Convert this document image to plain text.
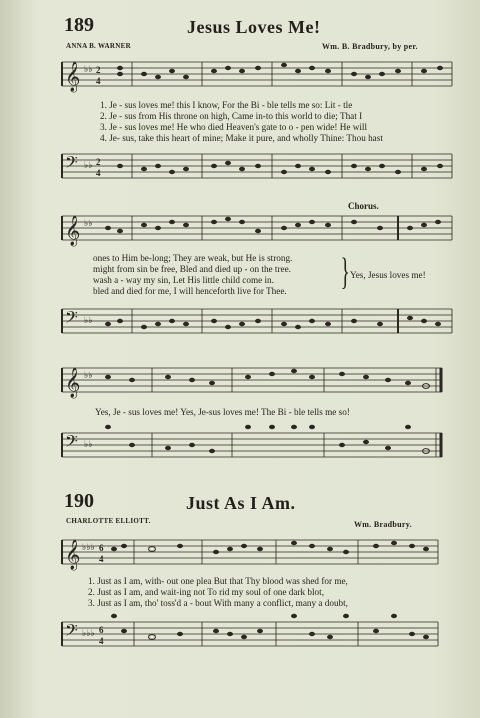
189	Jesus Loves Me!
ANNA B. WARNER	Wm. B. Bradbury, by per.
𝄞 ♭♭ 2
4
1. Je - sus loves me! this I know, For the Bi - ble tells me so: Lit - tle
2. Je - sus from His throne on high, Came in-to this world to die; That I
3. Je - sus loves me! He who died Heaven's gate to o - pen wide! He will
4. Je- sus, take this heart of mine; Make it pure, and wholly Thine: Thou hast
𝄢 ♭♭ 2
4
Chorus.
𝄞 ♭♭
ones to Him be-long; They are weak, but He is strong.
might from sin be free, Bled and died up - on the tree.
wash a - way my sin, Let His little child come in.
bled and died for me, I will henceforth live for Thee. } Yes, Jesus loves me!
𝄢 ♭♭
𝄞 ♭♭
Yes, Je - sus loves me! Yes, Je-sus loves me! The Bi - ble tells me so!
𝄢 ♭♭
190	Just As I Am.
CHARLOTTE ELLIOTT.	Wm. Bradbury.
𝄞 ♭♭♭ 6
4
1. Just as I am, with- out one plea But that Thy blood was shed for me,
2. Just as I am, and wait-ing not To rid my soul of one dark blot,
3. Just as I am, tho' toss'd a - bout With many a conflict, many a doubt,
𝄢 ♭♭♭ 6
4
